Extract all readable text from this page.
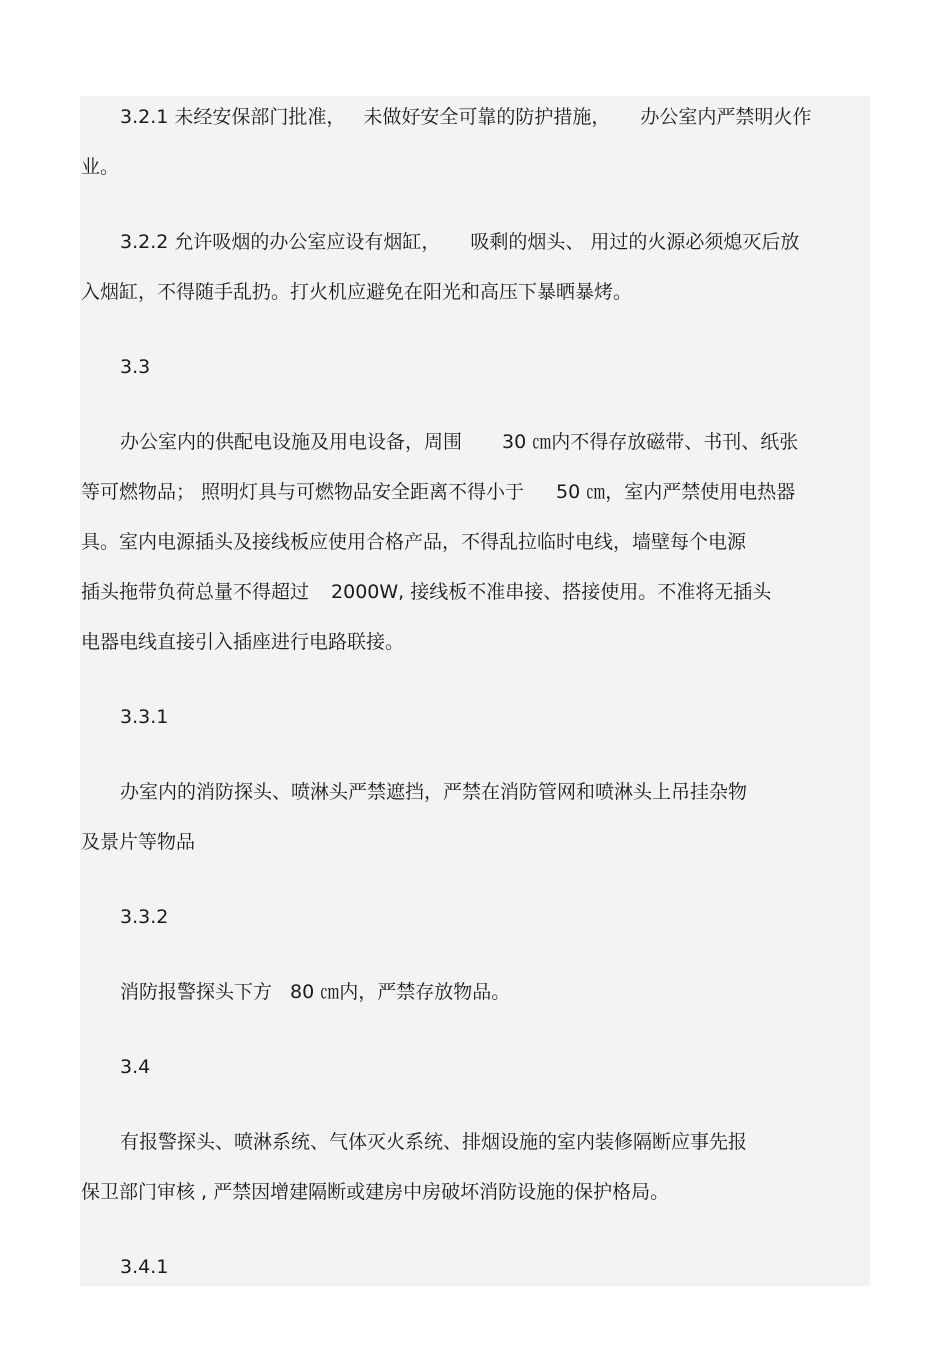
3.2.1 未经安保部门批准， 未做好安全可靠的防护措施， 办公室内严禁明火作
业。
3.2.2 允许吸烟的办公室应设有烟缸， 吸剩的烟头、 用过的火源必须熄灭后放
入烟缸，不得随手乱扔。打火机应避免在阳光和高压下暴晒暴烤。
3.3
办公室内的供配电设施及用电设备，周围 30 ㎝内不得存放磁带、书刊、纸张
等可燃物品； 照明灯具与可燃物品安全距离不得小于 50 ㎝，室内严禁使用电热器
具。室内电源插头及接线板应使用合格产品，不得乱拉临时电线，墙壁每个电源
插头拖带负荷总量不得超过 2000W, 接线板不准串接、搭接使用。不准将无插头
电器电线直接引入插座进行电路联接。
3.3.1
办室内的消防探头、喷淋头严禁遮挡，严禁在消防管网和喷淋头上吊挂杂物
及景片等物品
3.3.2
消防报警探头下方 80 ㎝内，严禁存放物品。
3.4
有报警探头、喷淋系统、气体灭火系统、排烟设施的室内装修隔断应事先报
保卫部门审核 , 严禁因增建隔断或建房中房破坏消防设施的保护格局。
3.4.1
